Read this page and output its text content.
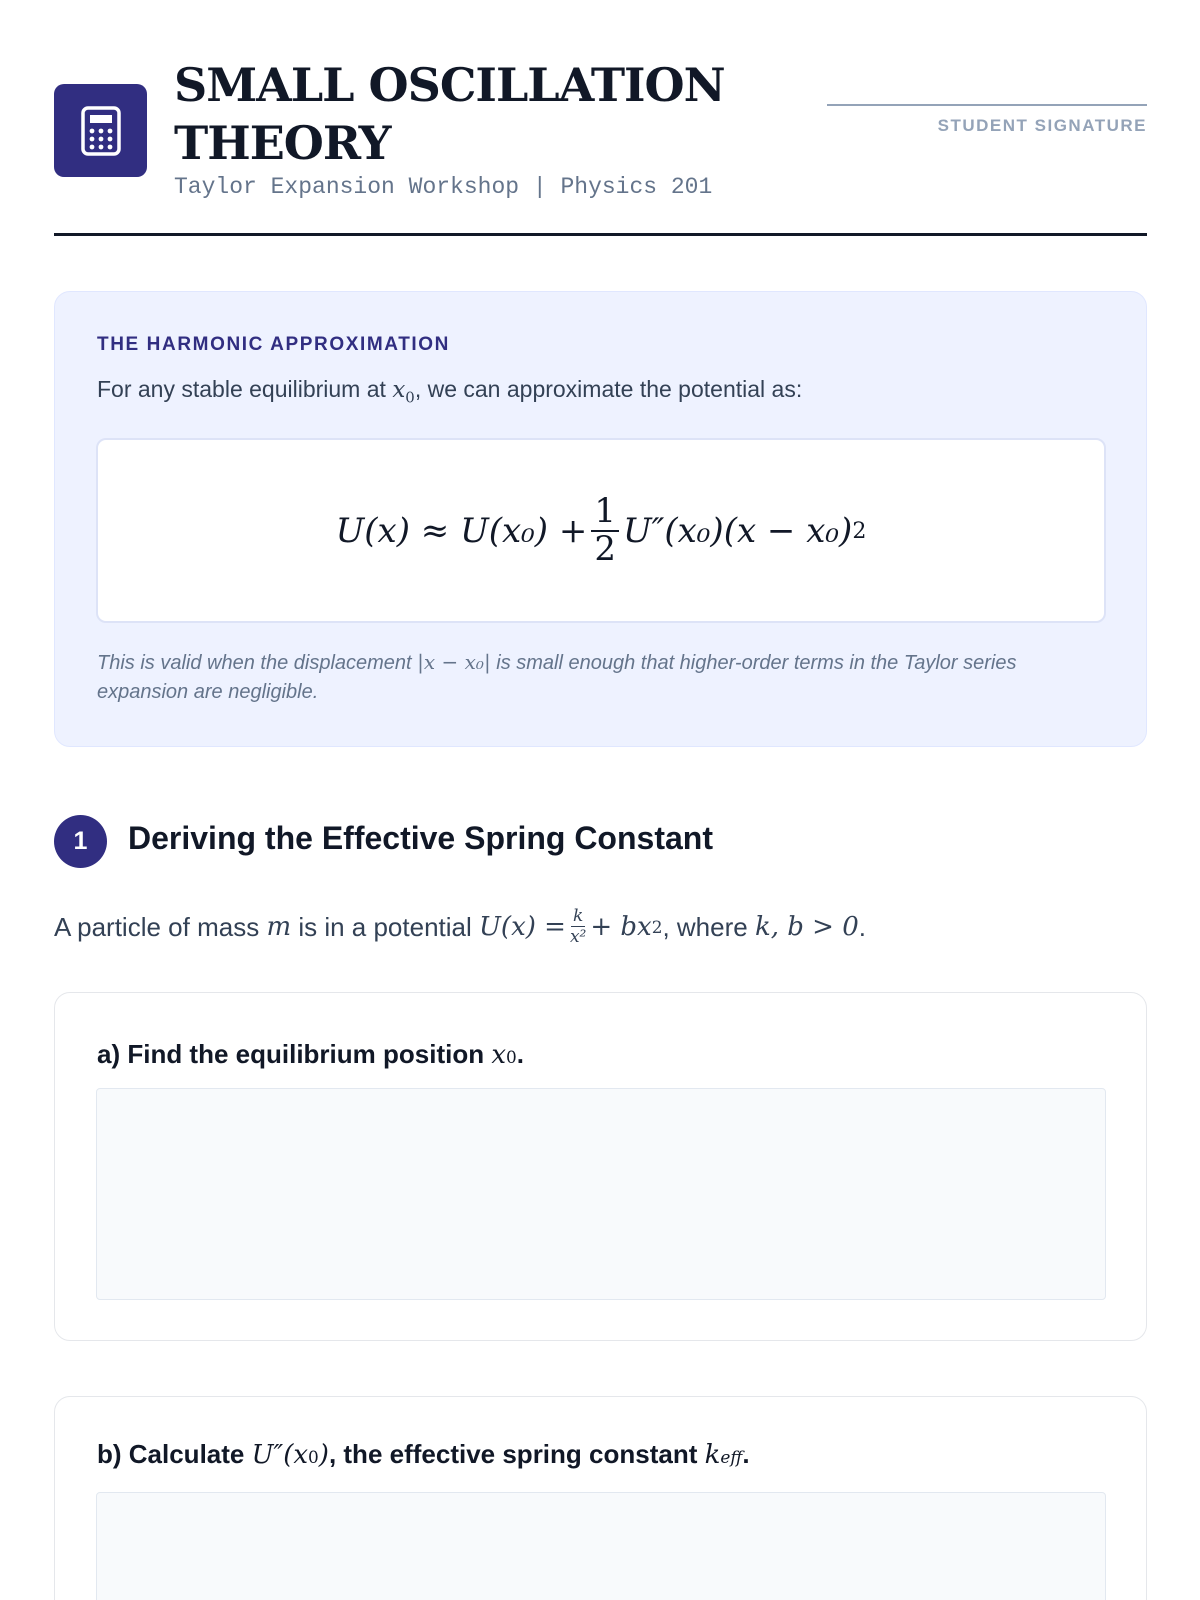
SMALL OSCILLATION THEORY
Taylor Expansion Workshop | Physics 201
STUDENT SIGNATURE
THE HARMONIC APPROXIMATION
For any stable equilibrium at $x_0$, we can approximate the potential as:
$U(x) \approx U(x_0) + \frac{1}{2} U''(x_0)(x - x_0)$ 2
This is valid when the displacement |x − x₀| is small enough that higher-order terms in the Taylor series expansion are negligible.
1	Deriving the Effective Spring Constant
A particle of mass
m
is in a potential
$U(x) = \frac{k}{\text{x²}}$ + bx 2 , where
k, b > 0 .
a) Find the equilibrium position
x 0 .
b) Calculate
U″(x 0 ) , the effective spring constant
k eff .
